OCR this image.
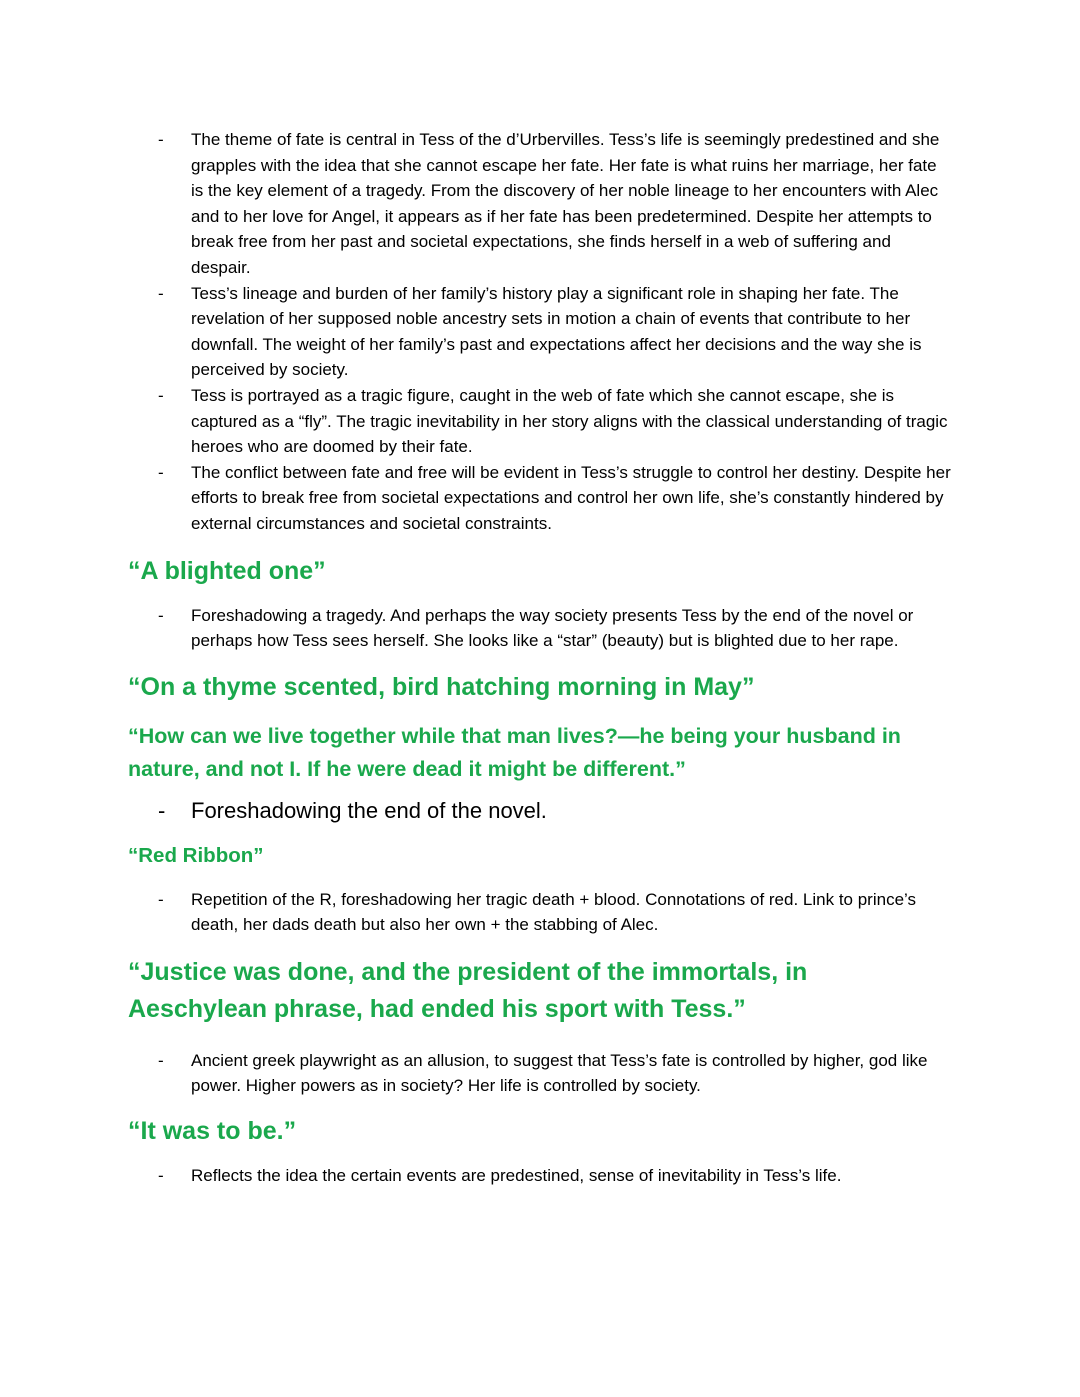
- The theme of fate is central in Tess of the d’Urbervilles. Tess’s life is seemingly predestined and she grapples with the idea that she cannot escape her fate. Her fate is what ruins her marriage, her fate is the key element of a tragedy. From the discovery of her noble lineage to her encounters with Alec and to her love for Angel, it appears as if her fate has been predetermined. Despite her attempts to break free from her past and societal expectations, she finds herself in a web of suffering and despair.
- Tess’s lineage and burden of her family’s history play a significant role in shaping her fate. The revelation of her supposed noble ancestry sets in motion a chain of events that contribute to her downfall. The weight of her family’s past and expectations affect her decisions and the way she is perceived by society.
- Tess is portrayed as a tragic figure, caught in the web of fate which she cannot escape, she is captured as a “fly”. The tragic inevitability in her story aligns with the classical understanding of tragic heroes who are doomed by their fate.
- The conflict between fate and free will be evident in Tess’s struggle to control her destiny. Despite her efforts to break free from societal expectations and control her own life, she’s constantly hindered by external circumstances and societal constraints.
“A blighted one”
- Foreshadowing a tragedy. And perhaps the way society presents Tess by the end of the novel or perhaps how Tess sees herself. She looks like a “star” (beauty) but is blighted due to her rape.
“On a thyme scented, bird hatching morning in May”
“How can we live together while that man lives?—he being your husband in nature, and not I. If he were dead it might be different.”
- Foreshadowing the end of the novel.
“Red Ribbon”
- Repetition of the R, foreshadowing her tragic death + blood. Connotations of red. Link to prince’s death, her dads death but also her own + the stabbing of Alec.
“Justice was done, and the president of the immortals, in Aeschylean phrase, had ended his sport with Tess.”
- Ancient greek playwright as an allusion, to suggest that Tess’s fate is controlled by higher, god like power. Higher powers as in society? Her life is controlled by society.
“It was to be.”
- Reflects the idea the certain events are predestined, sense of inevitability in Tess’s life.
